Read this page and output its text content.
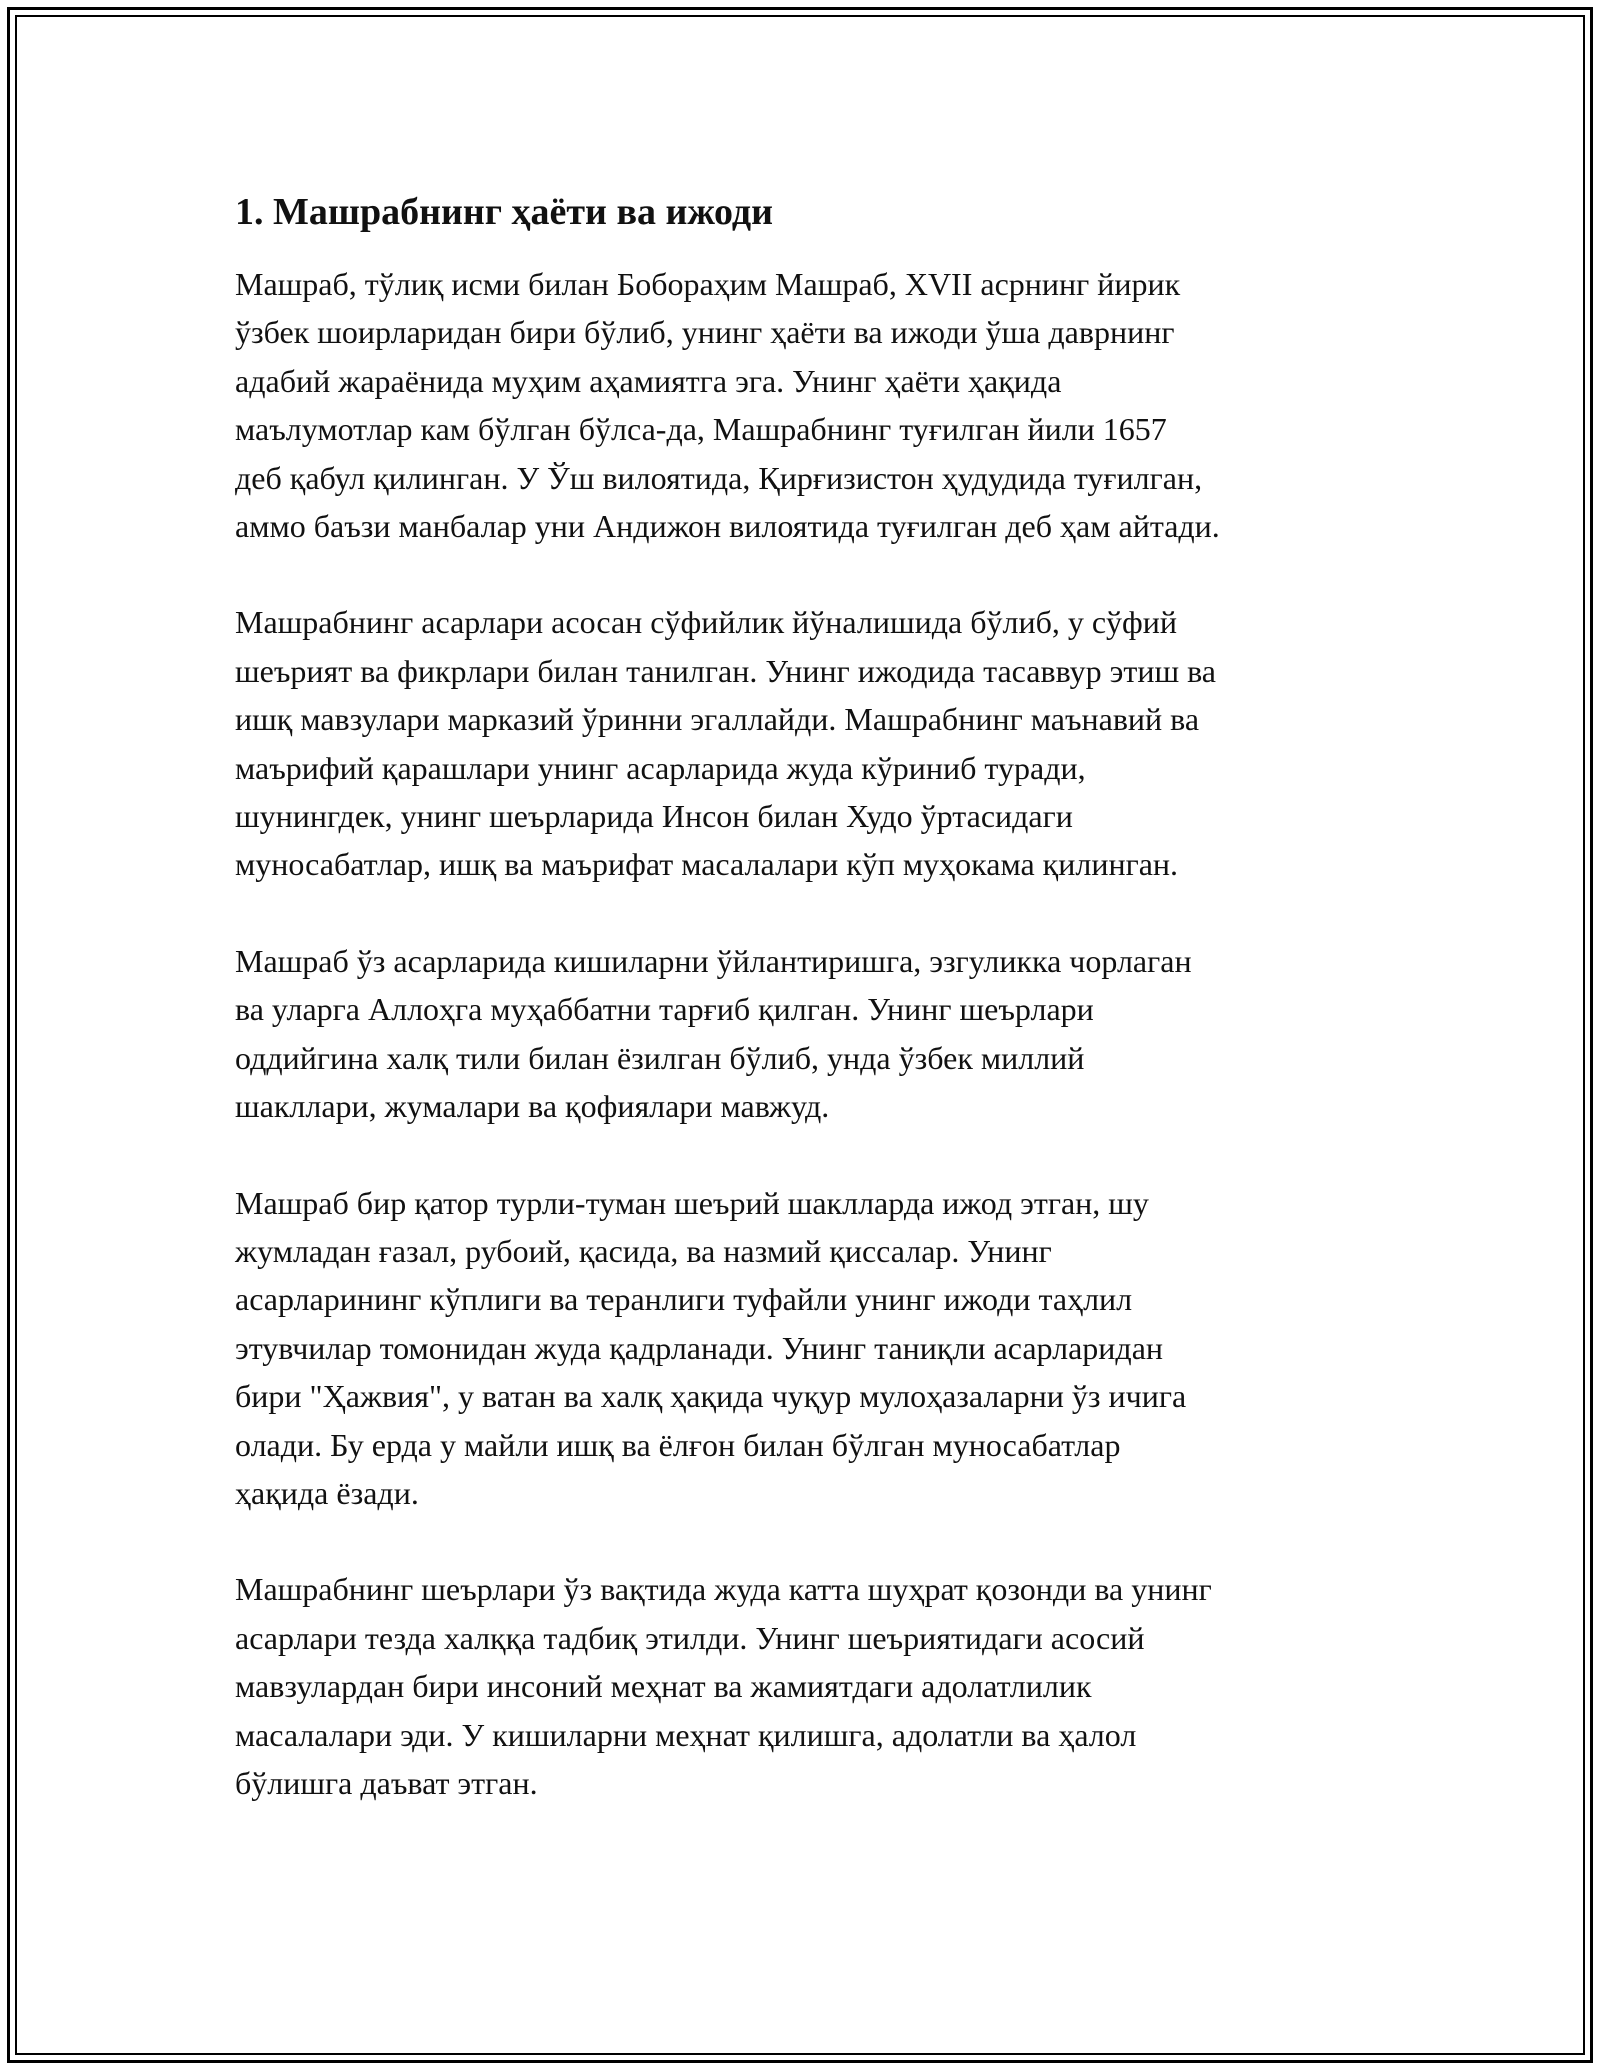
1. Машрабнинг ҳаёти ва ижоди
Машраб, тўлиқ исми билан Бобораҳим Машраб, XVII асрнинг йирик
ўзбек шоирларидан бири бўлиб, унинг ҳаёти ва ижоди ўша даврнинг
адабий жараёнида муҳим аҳамиятга эга. Унинг ҳаёти ҳақида
маълумотлар кам бўлган бўлса-да, Машрабнинг туғилган йили 1657
деб қабул қилинган. У Ўш вилоятида, Қирғизистон ҳудудида туғилган,
аммо баъзи манбалар уни Андижон вилоятида туғилган деб ҳам айтади.
Машрабнинг асарлари асосан сўфийлик йўналишида бўлиб, у сўфий
шеърият ва фикрлари билан танилган. Унинг ижодида тасаввур этиш ва
ишқ мавзулари марказий ўринни эгаллайди. Машрабнинг маънавий ва
маърифий қарашлари унинг асарларида жуда кўриниб туради,
шунингдек, унинг шеърларида Инсон билан Худо ўртасидаги
муносабатлар, ишқ ва маърифат масалалари кўп муҳокама қилинган.
Машраб ўз асарларида кишиларни ўйлантиришга, эзгуликка чорлаган
ва уларга Аллоҳга муҳаббатни тарғиб қилган. Унинг шеърлари
оддийгина халқ тили билан ёзилган бўлиб, унда ўзбек миллий
шакллари, жумалари ва қофиялари мавжуд.
Машраб бир қатор турли-туман шеърий шаклларда ижод этган, шу
жумладан ғазал, рубоий, қасида, ва назмий қиссалар. Унинг
асарларининг кўплиги ва теранлиги туфайли унинг ижоди таҳлил
этувчилар томонидан жуда қадрланади. Унинг таниқли асарларидан
бири "Ҳажвия", у ватан ва халқ ҳақида чуқур мулоҳазаларни ўз ичига
олади. Бу ерда у майли ишқ ва ёлғон билан бўлган муносабатлар
ҳақида ёзади.
Машрабнинг шеърлари ўз вақтида жуда катта шуҳрат қозонди ва унинг
асарлари тезда халққа тадбиқ этилди. Унинг шеъриятидаги асосий
мавзулардан бири инсоний меҳнат ва жамиятдаги адолатлилик
масалалари эди. У кишиларни меҳнат қилишга, адолатли ва ҳалол
бўлишга даъват этган.
